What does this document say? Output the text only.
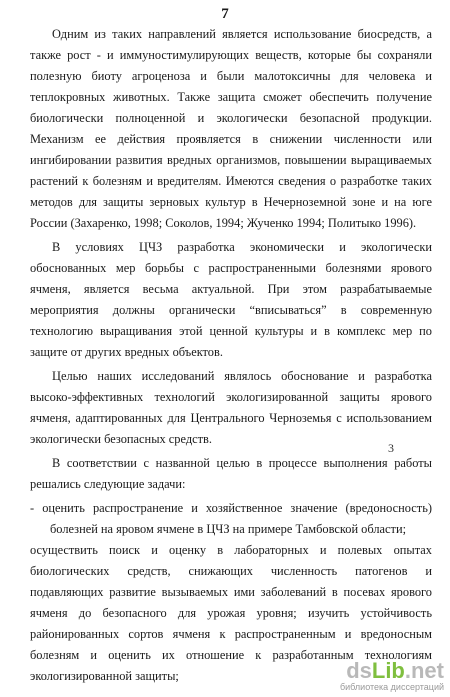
7

Одним из таких направлений является использование биосредств, а также рост - и иммуностимулирующих веществ, которые бы сохраняли полезную биоту агроценоза и были малотоксичны для человека и теплокровных животных. Также защита сможет обеспечить получение биологически полноценной и экологически безопасной продукции. Механизм ее действия проявляется в снижении численности или ингибировании развития вредных организмов, повышении выращиваемых растений к болезням и вредителям. Имеются сведения о разработке таких методов для защиты зерновых культур в Нечерноземной зоне и на юге России (Захаренко, 1998; Соколов, 1994; Жученко 1994; Политыко 1996).

В условиях ЦЧЗ разработка экономически и экологически обоснованных мер борьбы с распространенными болезнями ярового ячменя, является весьма актуальной. При этом разрабатываемые мероприятия должны органически “вписываться” в современную технологию выращивания этой ценной культуры и в комплекс мер по защите от других вредных объектов.

Целью наших исследований являлось обоснование и разработка высоко-эффективных технологий экологизированной защиты ярового ячменя, адаптированных для Центрального Черноземья с использованием экологически безопасных средств.

В соответствии с названной целью в процессе выполнения работы решались следующие задачи:

- оценить распространение и хозяйственное значение (вредоносность) болезней на яровом ячмене в ЦЧЗ на примере Тамбовской области;

осуществить поиск и оценку в лабораторных и полевых опытах биологических средств, снижающих численность патогенов и подавляющих развитие вызываемых ими заболеваний в посевах ярового ячменя до безопасного для урожая уровня; изучить устойчивость районированных сортов ячменя к распространенным и вредоносным болезням и оценить их отношение к разработанным технологиям экологизированной защиты;

3
dsLib.net
библиотека диссертаций
